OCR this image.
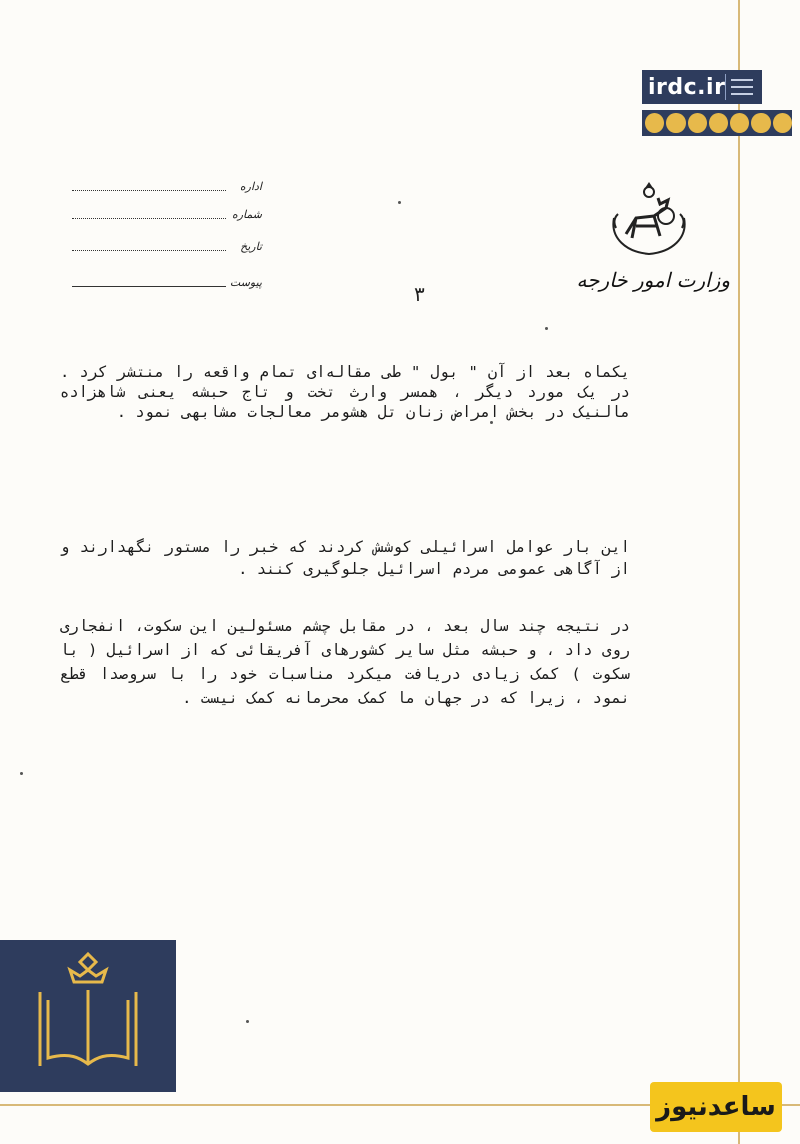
irdc.ir
وزارت امور خارجه
اداره
شماره
تاریخ
پیوست	۳
یکماه بعد از آن " بول " طی مقاله‌ای تمام واقعه را منتشر کرد . در یک مورد دیگر ، همسر وارث تخت و تاج حبشه یعنی شاهزاده مالنیک در بخش امراض زنان تل هشومر معالجات مشابهی نمود .
این بار عوامل اسرائیلی کوشش کردند که خبر را مستور نگهدارند و از آگاهی عمومی مردم اسرائیل جلوگیری کنند .
در نتیجه چند سال بعد ، در مقابل چشم مسئولین این سکوت، انفجاری روی داد ، و حبشه مثل سایر کشورهای آفریقائی که از اسرائیل ( با سکوت ) کمک زیادی دریافت میکرد مناسبات خود را با سروصدا قطع نمود ، زیرا که در جهان ما کمک محرمانه کمک نیست .
ساعدنیوز
